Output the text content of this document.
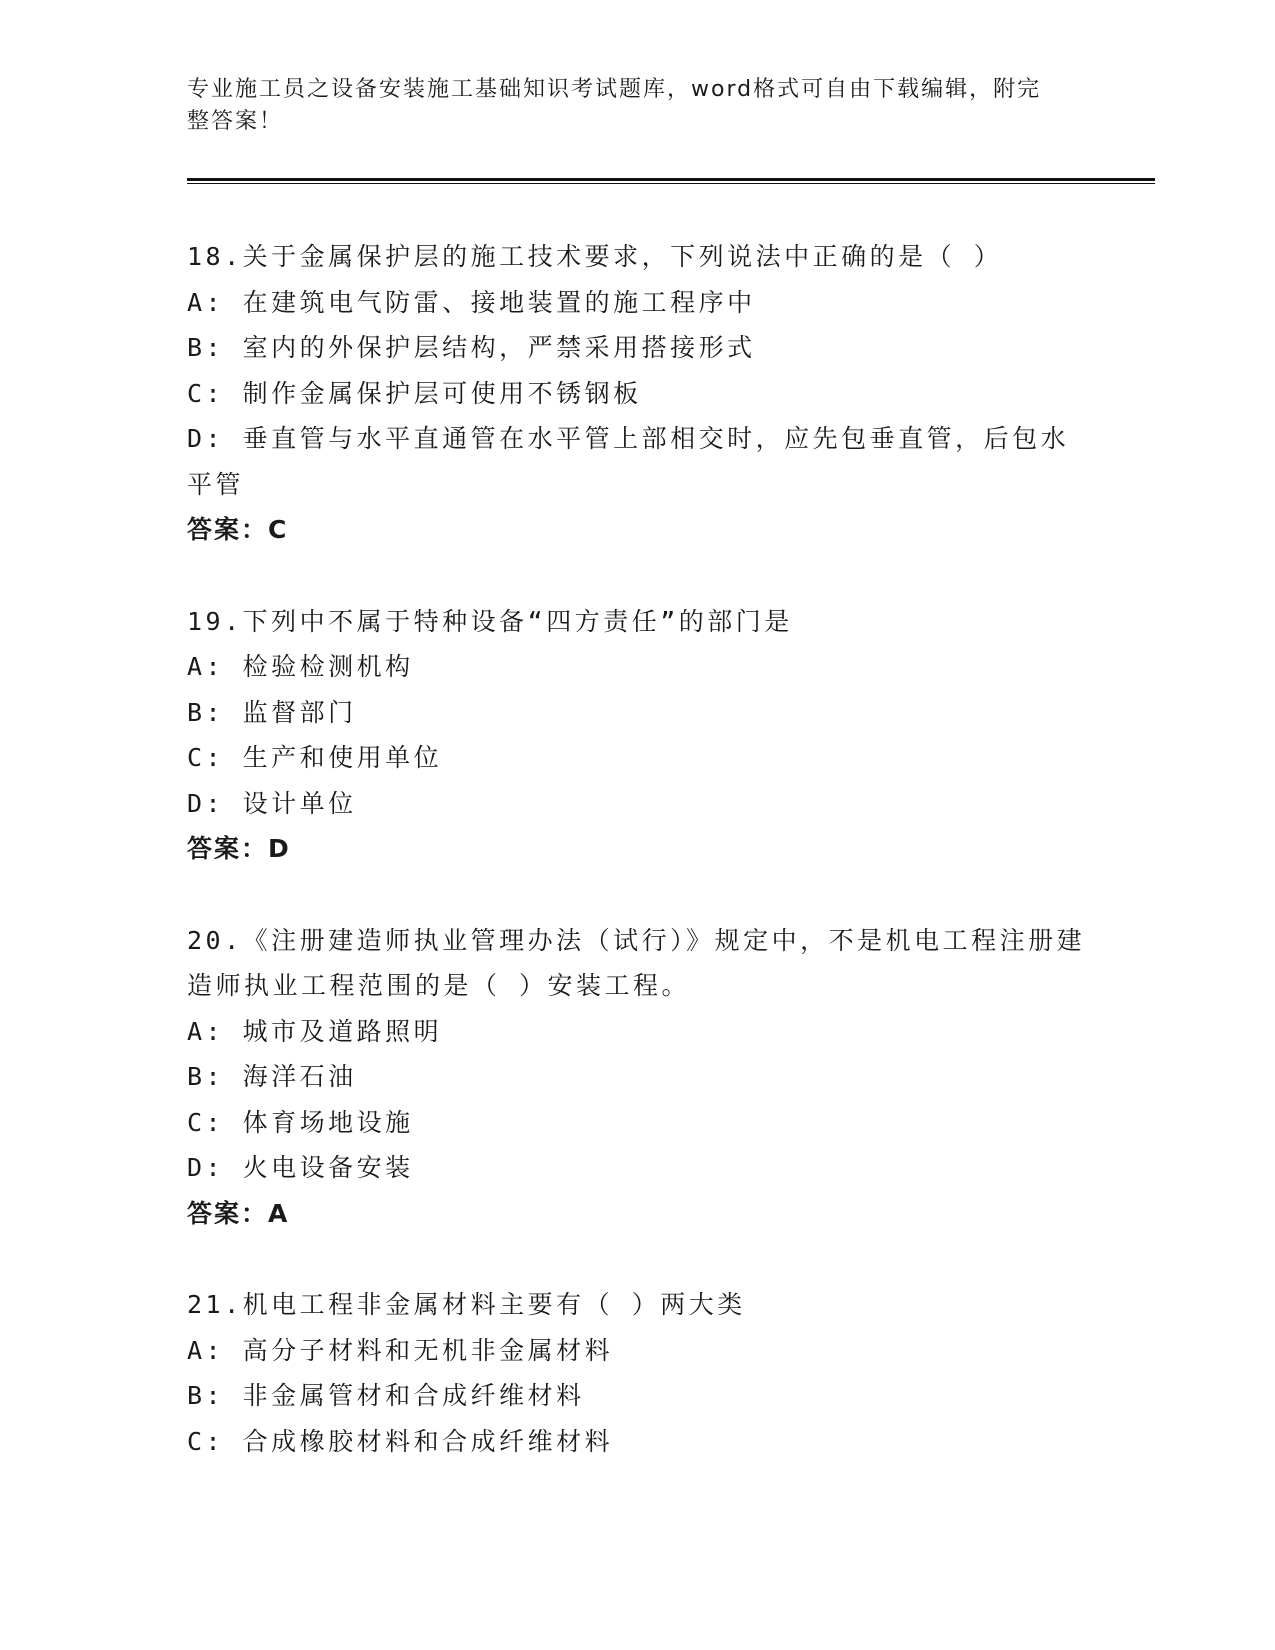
专业施工员之设备安装施工基础知识考试题库，word格式可自由下载编辑，附完
整答案！
18.关于金属保护层的施工技术要求，下列说法中正确的是（ ）
A: 在建筑电气防雷、接地装置的施工程序中
B: 室内的外保护层结构，严禁采用搭接形式
C: 制作金属保护层可使用不锈钢板
D: 垂直管与水平直通管在水平管上部相交时，应先包垂直管，后包水平管
答案：C
19.下列中不属于特种设备“四方责任”的部门是
A: 检验检测机构
B: 监督部门
C: 生产和使用单位
D: 设计单位
答案：D
20.《注册建造师执业管理办法（试行）》规定中，不是机电工程注册建造师执业工程范围的是（ ）安装工程。
A: 城市及道路照明
B: 海洋石油
C: 体育场地设施
D: 火电设备安装
答案：A
21.机电工程非金属材料主要有（ ）两大类
A: 高分子材料和无机非金属材料
B: 非金属管材和合成纤维材料
C: 合成橡胶材料和合成纤维材料
